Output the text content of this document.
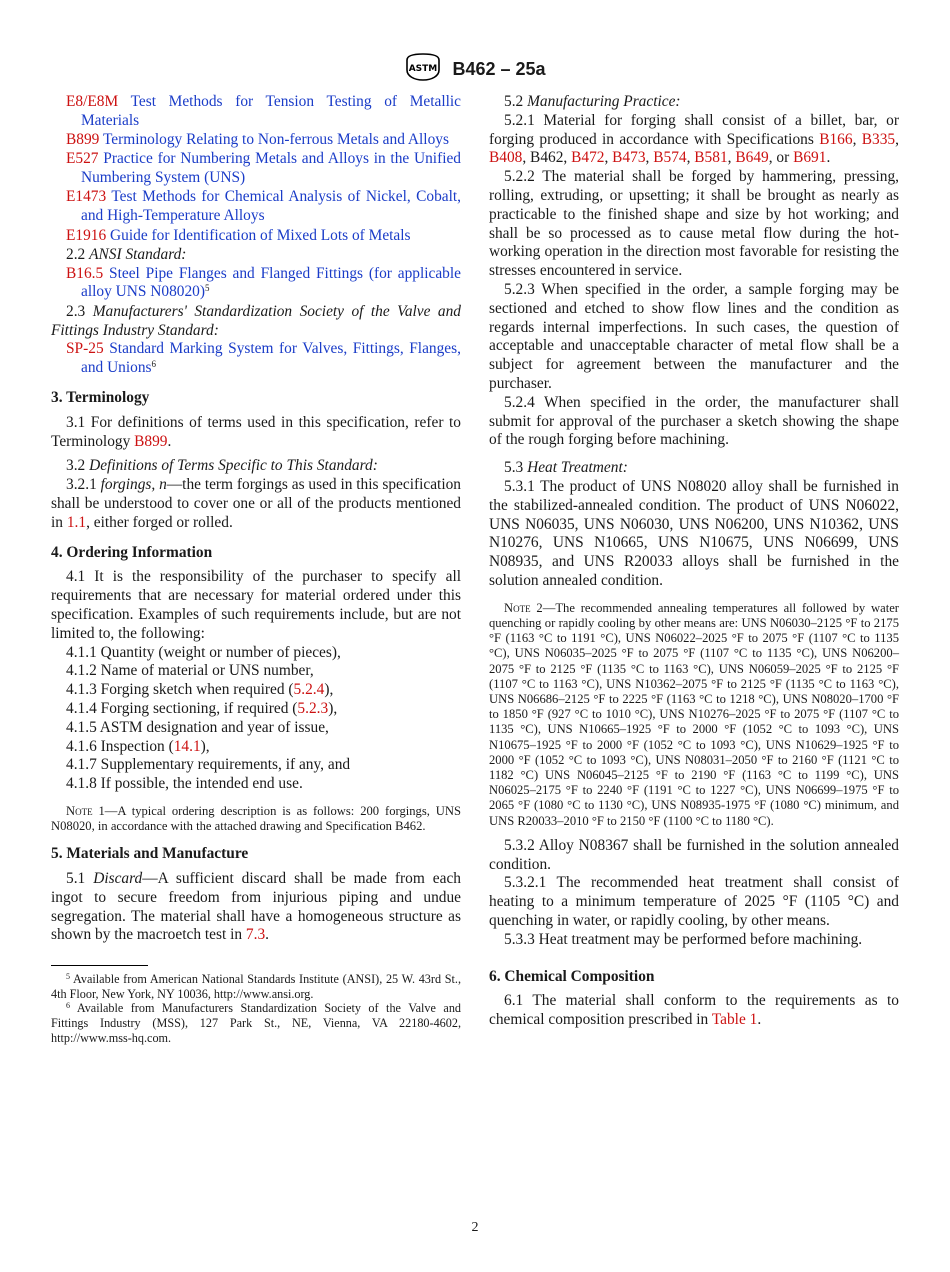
ASTM B462 – 25a

E8/E8M Test Methods for Tension Testing of Metallic Materials

B899 Terminology Relating to Non-ferrous Metals and Alloys

E527 Practice for Numbering Metals and Alloys in the Unified Numbering System (UNS)

E1473 Test Methods for Chemical Analysis of Nickel, Cobalt, and High-Temperature Alloys

E1916 Guide for Identification of Mixed Lots of Metals

2.2 ANSI Standard:

B16.5 Steel Pipe Flanges and Flanged Fittings (for applicable alloy UNS N08020)$^5$

2.3 Manufacturers' Standardization Society of the Valve and Fittings Industry Standard:

SP-25 Standard Marking System for Valves, Fittings, Flanges, and Unions$^6$

3. Terminology

3.1 For definitions of terms used in this specification, refer to Terminology B899.

3.2 Definitions of Terms Specific to This Standard:

3.2.1 forgings, n—the term forgings as used in this specification shall be understood to cover one or all of the products mentioned in 1.1, either forged or rolled.

4. Ordering Information

4.1 It is the responsibility of the purchaser to specify all requirements that are necessary for material ordered under this specification. Examples of such requirements include, but are not limited to, the following:

4.1.1 Quantity (weight or number of pieces),

4.1.2 Name of material or UNS number,

4.1.3 Forging sketch when required (5.2.4),

4.1.4 Forging sectioning, if required (5.2.3),

4.1.5 ASTM designation and year of issue,

4.1.6 Inspection (14.1),

4.1.7 Supplementary requirements, if any, and

4.1.8 If possible, the intended end use.

Note 1—A typical ordering description is as follows: 200 forgings, UNS N08020, in accordance with the attached drawing and Specification B462.

5. Materials and Manufacture

5.1 Discard—A sufficient discard shall be made from each ingot to secure freedom from injurious piping and undue segregation. The material shall have a homogeneous structure as shown by the macroetch test in 7.3.

$^5$ Available from American National Standards Institute (ANSI), 25 W. 43rd St., 4th Floor, New York, NY 10036, http://www.ansi.org.

$^6$ Available from Manufacturers Standardization Society of the Valve and Fittings Industry (MSS), 127 Park St., NE, Vienna, VA 22180-4602, http://www.mss-hq.com.

5.2 Manufacturing Practice:

5.2.1 Material for forging shall consist of a billet, bar, or forging produced in accordance with Specifications B166, B335, B408, B462, B472, B473, B574, B581, B649, or B691.

5.2.2 The material shall be forged by hammering, pressing, rolling, extruding, or upsetting; it shall be brought as nearly as practicable to the finished shape and size by hot working; and shall be so processed as to cause metal flow during the hot-working operation in the direction most favorable for resisting the stresses encountered in service.

5.2.3 When specified in the order, a sample forging may be sectioned and etched to show flow lines and the condition as regards internal imperfections. In such cases, the question of acceptable and unacceptable character of metal flow shall be a subject for agreement between the manufacturer and the purchaser.

5.2.4 When specified in the order, the manufacturer shall submit for approval of the purchaser a sketch showing the shape of the rough forging before machining.

5.3 Heat Treatment:

5.3.1 The product of UNS N08020 alloy shall be furnished in the stabilized-annealed condition. The product of UNS N06022, UNS N06035, UNS N06030, UNS N06200, UNS N10362, UNS N10276, UNS N10665, UNS N10675, UNS N06699, UNS N08935, and UNS R20033 alloys shall be furnished in the solution annealed condition.

Note 2—The recommended annealing temperatures all followed by water quenching or rapidly cooling by other means are: UNS N06030–2125 °F to 2175 °F (1163 °C to 1191 °C), UNS N06022–2025 °F to 2075 °F (1107 °C to 1135 °C), UNS N06035–2025 °F to 2075 °F (1107 °C to 1135 °C), UNS N06200–2075 °F to 2125 °F (1135 °C to 1163 °C), UNS N06059–2025 °F to 2125 °F (1107 °C to 1163 °C), UNS N10362–2075 °F to 2125 °F (1135 °C to 1163 °C), UNS N06686–2125 °F to 2225 °F (1163 °C to 1218 °C), UNS N08020–1700 °F to 1850 °F (927 °C to 1010 °C), UNS N10276–2025 °F to 2075 °F (1107 °C to 1135 °C), UNS N10665–1925 °F to 2000 °F (1052 °C to 1093 °C), UNS N10675–1925 °F to 2000 °F (1052 °C to 1093 °C), UNS N10629–1925 °F to 2000 °F (1052 °C to 1093 °C), UNS N08031–2050 °F to 2160 °F (1121 °C to 1182 °C) UNS N06045–2125 °F to 2190 °F (1163 °C to 1199 °C), UNS N06025–2175 °F to 2240 °F (1191 °C to 1227 °C), UNS N06699–1975 °F to 2065 °F (1080 °C to 1130 °C), UNS N08935-1975 °F (1080 °C) minimum, and UNS R20033–2010 °F to 2150 °F (1100 °C to 1180 °C).

5.3.2 Alloy N08367 shall be furnished in the solution annealed condition.

5.3.2.1 The recommended heat treatment shall consist of heating to a minimum temperature of 2025 °F (1105 °C) and quenching in water, or rapidly cooling, by other means.

5.3.3 Heat treatment may be performed before machining.

6. Chemical Composition

6.1 The material shall conform to the requirements as to chemical composition prescribed in Table 1.

2
